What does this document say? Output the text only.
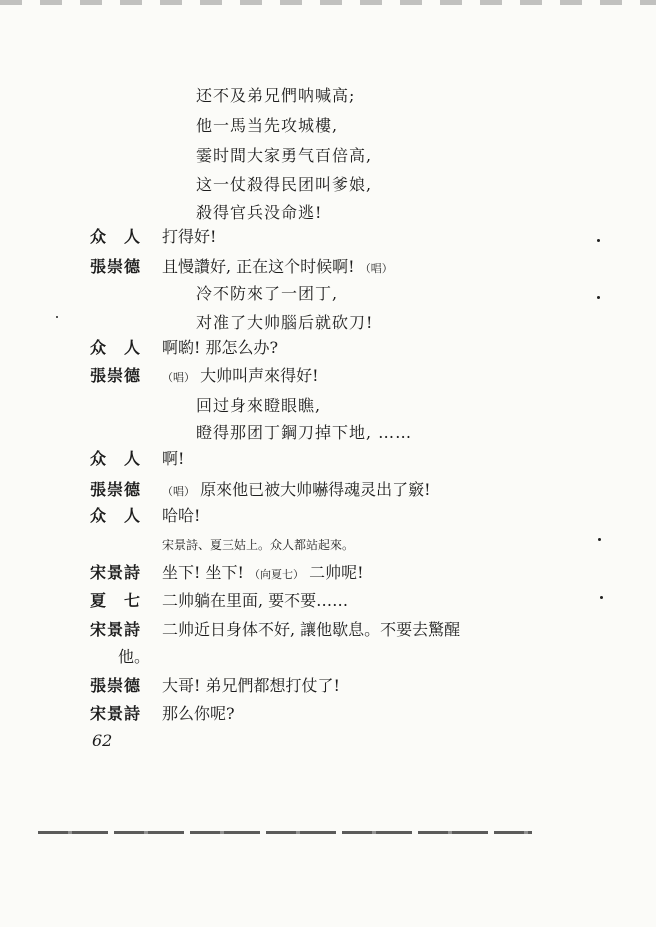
还不及弟兄們呐喊高;
他一馬当先攻城樓,
霎时間大家勇气百倍高,
这一仗殺得民团叫爹娘,
殺得官兵没命逃!
众　人	打得好!
張崇德	且慢讚好, 正在这个时候啊! （唱）
冷不防來了一团丁,
对准了大帅腦后就砍刀!
众　人	啊喲! 那怎么办?
張崇德	（唱） 大帅叫声來得好!
回过身來瞪眼瞧,
瞪得那团丁鋼刀掉下地, ……
众　人	啊!
張崇德	（唱） 原來他已被大帅嚇得魂灵出了竅!
众　人	哈哈!
宋景詩、夏三姑上。众人都站起來。
宋景詩	坐下! 坐下! （向夏七） 二帅呢!
夏　七	二帅躺在里面, 要不要……
宋景詩	二帅近日身体不好, 讓他歇息。不要去驚醒
他。
張崇德	大哥! 弟兄們都想打仗了!
宋景詩	那么你呢?
62
